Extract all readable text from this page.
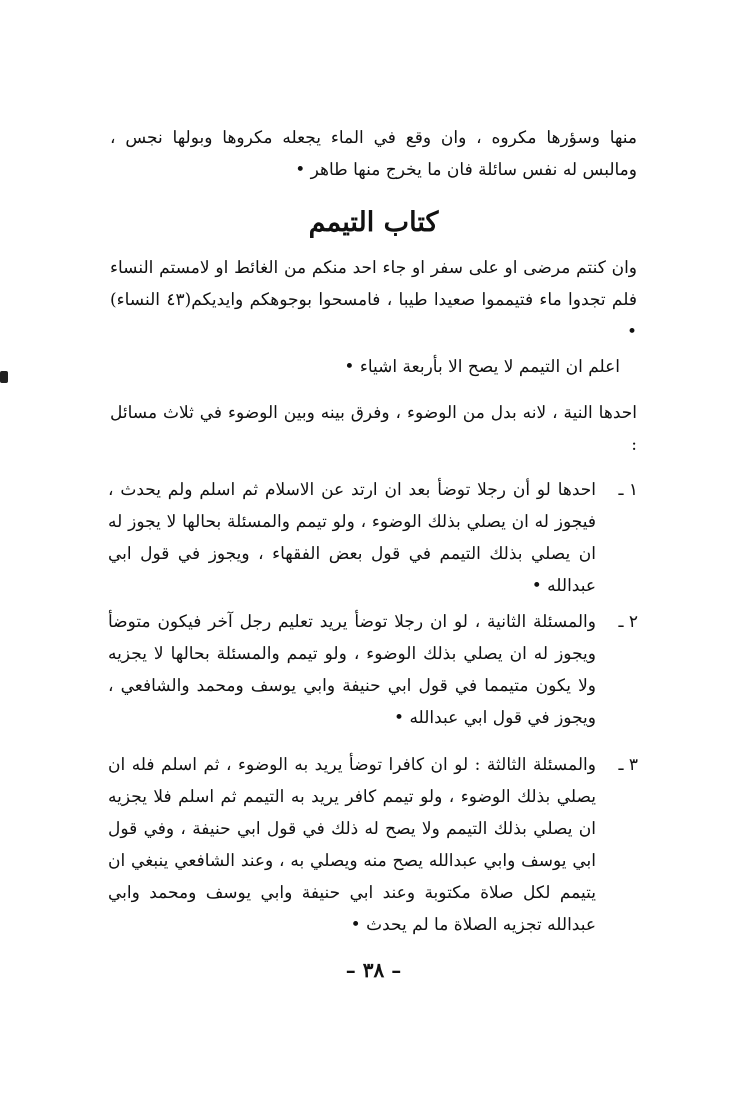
منها وسؤرها مكروه ، وان وقع في الماء يجعله مكروها وبولها نجس ، ومالبس له نفس سائلة فان ما يخرج منها طاهر •
كتاب التيمم
وان كنتم مرضى او على سفر او جاء احد منكم من الغائط او لامستم النساء فلم تجدوا ماء فتيمموا صعيدا طيبا ، فامسحوا بوجوهكم وايديكم(٤٣ النساء) •
اعلم ان التيمم لا يصح الا بأربعة اشياء •
احدها النية ، لانه بدل من الوضوء ، وفرق بينه وبين الوضوء في ثلاث مسائل :
١ ـ
احدها لو أن رجلا توضأ بعد ان ارتد عن الاسلام ثم اسلم ولم يحدث ، فيجوز له ان يصلي بذلك الوضوء ، ولو تيمم والمسئلة بحالها لا يجوز له ان يصلي بذلك التيمم في قول بعض الفقهاء ، ويجوز في قول ابي عبدالله •
٢ ـ
والمسئلة الثانية ، لو ان رجلا توضأ يريد تعليم رجل آخر فيكون متوضأ ويجوز له ان يصلي بذلك الوضوء ، ولو تيمم والمسئلة بحالها لا يجزيه ولا يكون متيمما في قول ابي حنيفة وابي يوسف ومحمد والشافعي ، ويجوز في قول ابي عبدالله •
٣ ـ
والمسئلة الثالثة : لو ان كافرا توضأ يريد به الوضوء ، ثم اسلم فله ان يصلي بذلك الوضوء ، ولو تيمم كافر يريد به التيمم ثم اسلم فلا يجزيه ان يصلي بذلك التيمم ولا يصح له ذلك في قول ابي حنيفة ، وفي قول ابي يوسف وابي عبدالله يصح منه ويصلي به ، وعند الشافعي ينبغي ان يتيمم لكل صلاة مكتوبة وعند ابي حنيفة وابي يوسف ومحمد وابي عبدالله تجزيه الصلاة ما لم يحدث •
– ٣٨ –
